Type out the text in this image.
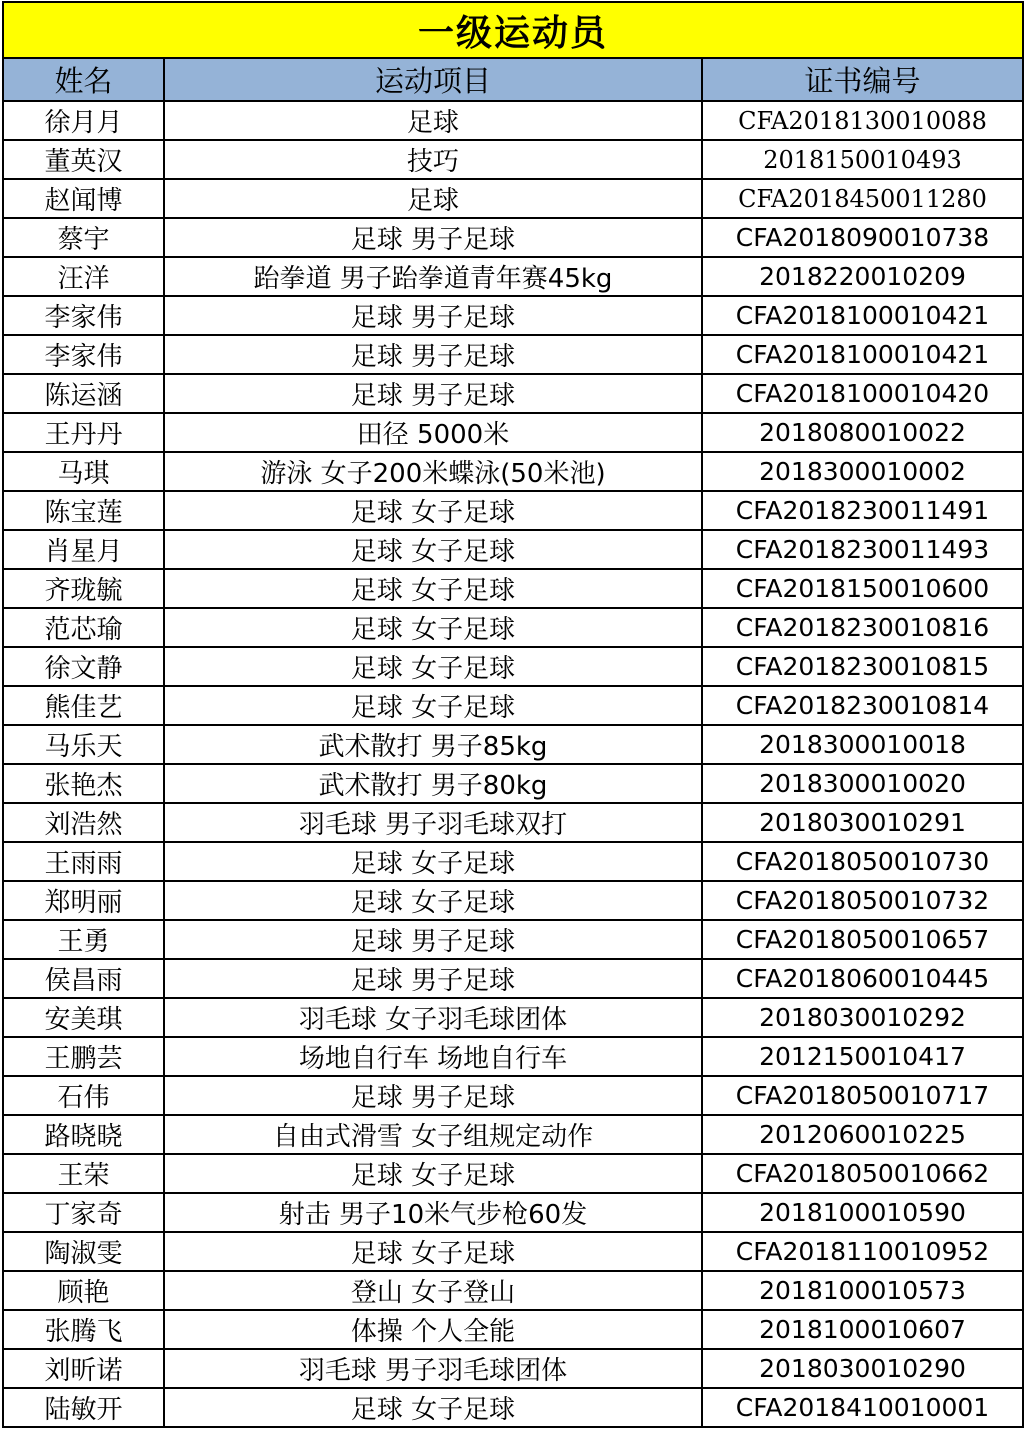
一级运动员		
姓名	运动项目	证书编号
徐月月	足球	CFA2018130010088
董英汉	技巧	2018150010493
赵闻博	足球	CFA2018450011280
蔡宇	足球 男子足球	CFA2018090010738
汪洋	跆拳道 男子跆拳道青年赛45kg	2018220010209
李家伟	足球 男子足球	CFA2018100010421
李家伟	足球 男子足球	CFA2018100010421
陈运涵	足球 男子足球	CFA2018100010420
王丹丹	田径 5000米	2018080010022
马琪	游泳 女子200米蝶泳(50米池)	2018300010002
陈宝莲	足球 女子足球	CFA2018230011491
肖星月	足球 女子足球	CFA2018230011493
齐珑毓	足球 女子足球	CFA2018150010600
范芯瑜	足球 女子足球	CFA2018230010816
徐文静	足球 女子足球	CFA2018230010815
熊佳艺	足球 女子足球	CFA2018230010814
马乐天	武术散打 男子85kg	2018300010018
张艳杰	武术散打 男子80kg	2018300010020
刘浩然	羽毛球 男子羽毛球双打	2018030010291
王雨雨	足球 女子足球	CFA2018050010730
郑明丽	足球 女子足球	CFA2018050010732
王勇	足球 男子足球	CFA2018050010657
侯昌雨	足球 男子足球	CFA2018060010445
安美琪	羽毛球 女子羽毛球团体	2018030010292
王鹏芸	场地自行车 场地自行车	2012150010417
石伟	足球 男子足球	CFA2018050010717
路晓晓	自由式滑雪 女子组规定动作	2012060010225
王荣	足球 女子足球	CFA2018050010662
丁家奇	射击 男子10米气步枪60发	2018100010590
陶淑雯	足球 女子足球	CFA2018110010952
顾艳	登山 女子登山	2018100010573
张腾飞	体操 个人全能	2018100010607
刘昕诺	羽毛球 男子羽毛球团体	2018030010290
陆敏开	足球 女子足球	CFA2018410010001
